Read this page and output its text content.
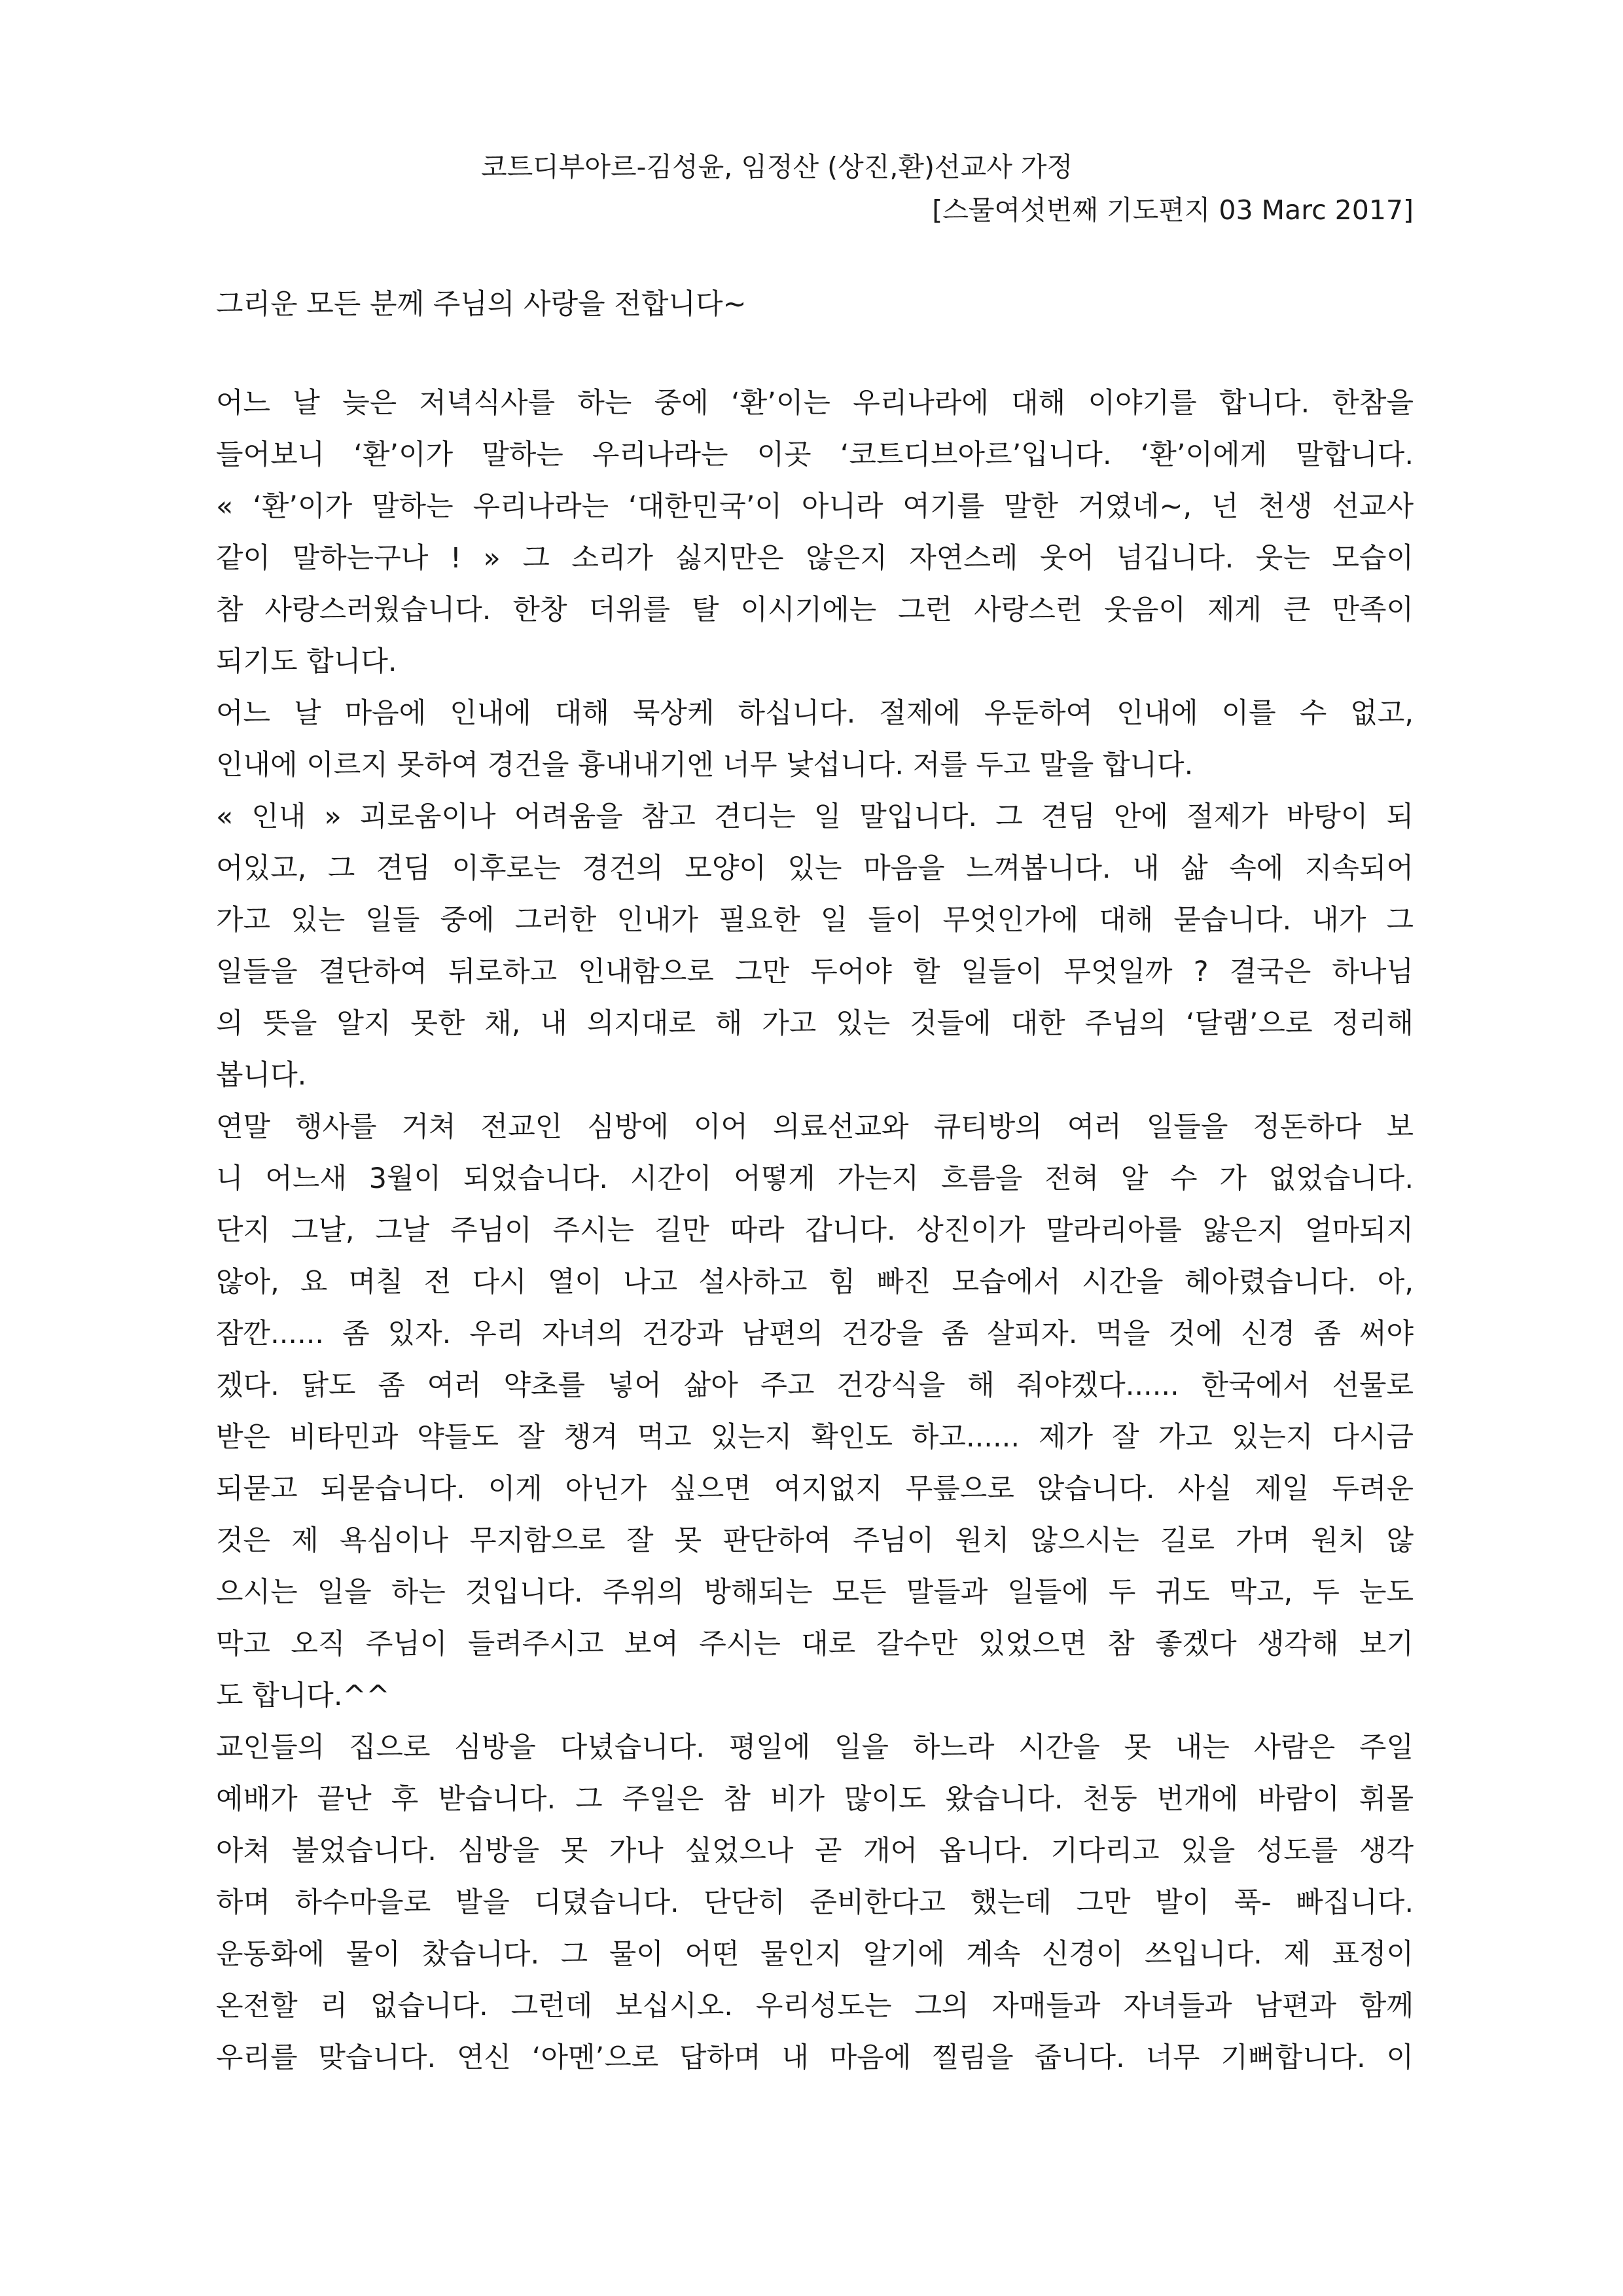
코트디부아르-김성윤, 임정산 (상진,환)선교사 가정
[스물여섯번째 기도편지 03 Marc 2017]
그리운 모든 분께 주님의 사랑을 전합니다~
어느 날 늦은 저녁식사를 하는 중에 ‘환’이는 우리나라에 대해 이야기를 합니다. 한참을
들어보니 ‘환’이가 말하는 우리나라는 이곳 ‘코트디브아르’입니다. ‘환’이에게 말합니다.
« ‘환’이가 말하는 우리나라는 ‘대한민국’이 아니라 여기를 말한 거였네~, 넌 천생 선교사
같이 말하는구나 ! » 그 소리가 싫지만은 않은지 자연스레 웃어 넘깁니다. 웃는 모습이
참 사랑스러웠습니다. 한창 더위를 탈 이시기에는 그런 사랑스런 웃음이 제게 큰 만족이
되기도 합니다.
어느 날 마음에 인내에 대해 묵상케 하십니다. 절제에 우둔하여 인내에 이를 수 없고,
인내에 이르지 못하여 경건을 흉내내기엔 너무 낯섭니다. 저를 두고 말을 합니다.
« 인내 » 괴로움이나 어려움을 참고 견디는 일 말입니다. 그 견딤 안에 절제가 바탕이 되
어있고, 그 견딤 이후로는 경건의 모양이 있는 마음을 느껴봅니다. 내 삶 속에 지속되어
가고 있는 일들 중에 그러한 인내가 필요한 일 들이 무엇인가에 대해 묻습니다. 내가 그
일들을 결단하여 뒤로하고 인내함으로 그만 두어야 할 일들이 무엇일까 ? 결국은 하나님
의 뜻을 알지 못한 채, 내 의지대로 해 가고 있는 것들에 대한 주님의 ‘달램’으로 정리해
봅니다.
연말 행사를 거쳐 전교인 심방에 이어 의료선교와 큐티방의 여러 일들을 정돈하다 보
니 어느새 3월이 되었습니다. 시간이 어떻게 가는지 흐름을 전혀 알 수 가 없었습니다.
단지 그날, 그날 주님이 주시는 길만 따라 갑니다. 상진이가 말라리아를 앓은지 얼마되지
않아, 요 며칠 전 다시 열이 나고 설사하고 힘 빠진 모습에서 시간을 헤아렸습니다. 아,
잠깐...... 좀 있자. 우리 자녀의 건강과 남편의 건강을 좀 살피자. 먹을 것에 신경 좀 써야
겠다. 닭도 좀 여러 약초를 넣어 삶아 주고 건강식을 해 줘야겠다...... 한국에서 선물로
받은 비타민과 약들도 잘 챙겨 먹고 있는지 확인도 하고...... 제가 잘 가고 있는지 다시금
되묻고 되묻습니다. 이게 아닌가 싶으면 여지없지 무릎으로 앉습니다. 사실 제일 두려운
것은 제 욕심이나 무지함으로 잘 못 판단하여 주님이 원치 않으시는 길로 가며 원치 않
으시는 일을 하는 것입니다. 주위의 방해되는 모든 말들과 일들에 두 귀도 막고, 두 눈도
막고 오직 주님이 들려주시고 보여 주시는 대로 갈수만 있었으면 참 좋겠다 생각해 보기
도 합니다.^^
교인들의 집으로 심방을 다녔습니다. 평일에 일을 하느라 시간을 못 내는 사람은 주일
예배가 끝난 후 받습니다. 그 주일은 참 비가 많이도 왔습니다. 천둥 번개에 바람이 휘몰
아쳐 불었습니다. 심방을 못 가나 싶었으나 곧 개어 옵니다. 기다리고 있을 성도를 생각
하며 하수마을로 발을 디뎠습니다. 단단히 준비한다고 했는데 그만 발이 푹- 빠집니다.
운동화에 물이 찼습니다. 그 물이 어떤 물인지 알기에 계속 신경이 쓰입니다. 제 표정이
온전할 리 없습니다. 그런데 보십시오. 우리성도는 그의 자매들과 자녀들과 남편과 함께
우리를 맞습니다. 연신 ‘아멘’으로 답하며 내 마음에 찔림을 줍니다. 너무 기뻐합니다. 이
